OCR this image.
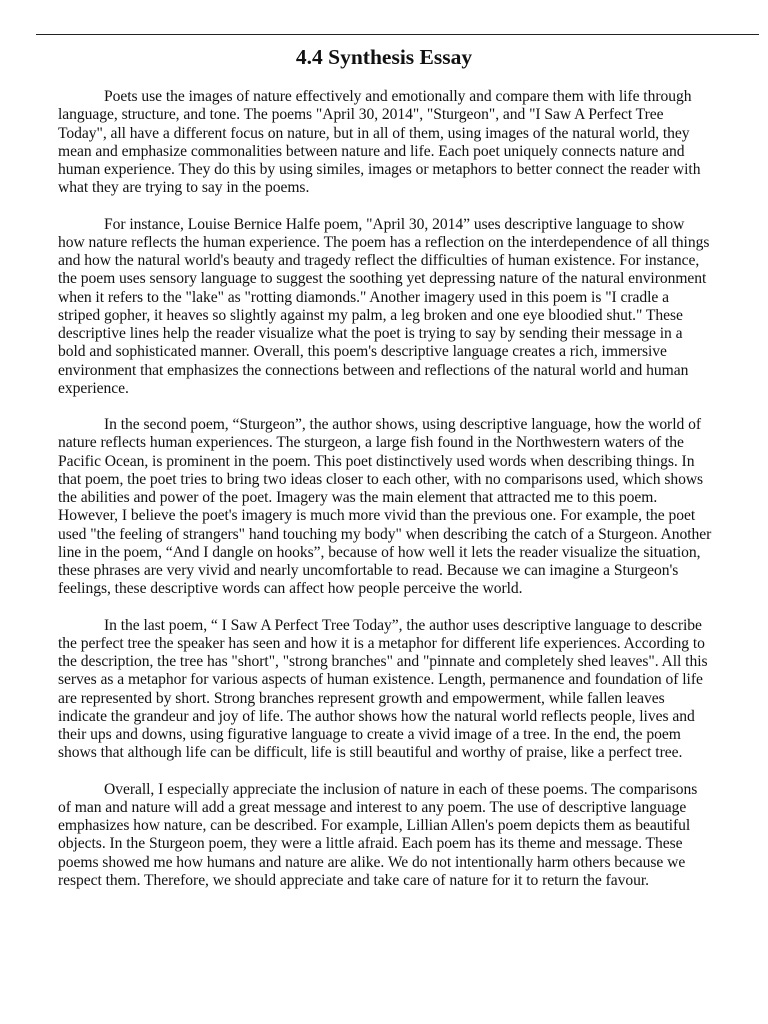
4.4 Synthesis Essay

Poets use the images of nature effectively and emotionally and compare them with life through language, structure, and tone. The poems "April 30, 2014", "Sturgeon", and "I Saw A Perfect Tree Today", all have a different focus on nature, but in all of them, using images of the natural world, they mean and emphasize commonalities between nature and life. Each poet uniquely connects nature and human experience. They do this by using similes, images or metaphors to better connect the reader with what they are trying to say in the poems.

For instance, Louise Bernice Halfe poem, "April 30, 2014” uses descriptive language to show how nature reflects the human experience. The poem has a reflection on the interdependence of all things and how the natural world's beauty and tragedy reflect the difficulties of human existence. For instance, the poem uses sensory language to suggest the soothing yet depressing nature of the natural environment when it refers to the "lake" as "rotting diamonds." Another imagery used in this poem is "I cradle a striped gopher, it heaves so slightly against my palm, a leg broken and one eye bloodied shut." These descriptive lines help the reader visualize what the poet is trying to say by sending their message in a bold and sophisticated manner. Overall, this poem's descriptive language creates a rich, immersive environment that emphasizes the connections between and reflections of the natural world and human experience.

In the second poem, “Sturgeon”, the author shows, using descriptive language, how the world of nature reflects human experiences. The sturgeon, a large fish found in the Northwestern waters of the Pacific Ocean, is prominent in the poem. This poet distinctively used words when describing things. In that poem, the poet tries to bring two ideas closer to each other, with no comparisons used, which shows the abilities and power of the poet. Imagery was the main element that attracted me to this poem. However, I believe the poet's imagery is much more vivid than the previous one. For example, the poet used "the feeling of strangers" hand touching my body" when describing the catch of a Sturgeon. Another line in the poem, “And I dangle on hooks”, because of how well it lets the reader visualize the situation, these phrases are very vivid and nearly uncomfortable to read. Because we can imagine a Sturgeon's feelings, these descriptive words can affect how people perceive the world.

In the last poem, “ I Saw A Perfect Tree Today”, the author uses descriptive language to describe the perfect tree the speaker has seen and how it is a metaphor for different life experiences. According to the description, the tree has "short", "strong branches" and "pinnate and completely shed leaves". All this serves as a metaphor for various aspects of human existence. Length, permanence and foundation of life are represented by short. Strong branches represent growth and empowerment, while fallen leaves indicate the grandeur and joy of life. The author shows how the natural world reflects people, lives and their ups and downs, using figurative language to create a vivid image of a tree. In the end, the poem shows that although life can be difficult, life is still beautiful and worthy of praise, like a perfect tree.

Overall, I especially appreciate the inclusion of nature in each of these poems. The comparisons of man and nature will add a great message and interest to any poem. The use of descriptive language emphasizes how nature, can be described. For example, Lillian Allen's poem depicts them as beautiful objects. In the Sturgeon poem, they were a little afraid. Each poem has its theme and message. These poems showed me how humans and nature are alike. We do not intentionally harm others because we respect them. Therefore, we should appreciate and take care of nature for it to return the favour.
